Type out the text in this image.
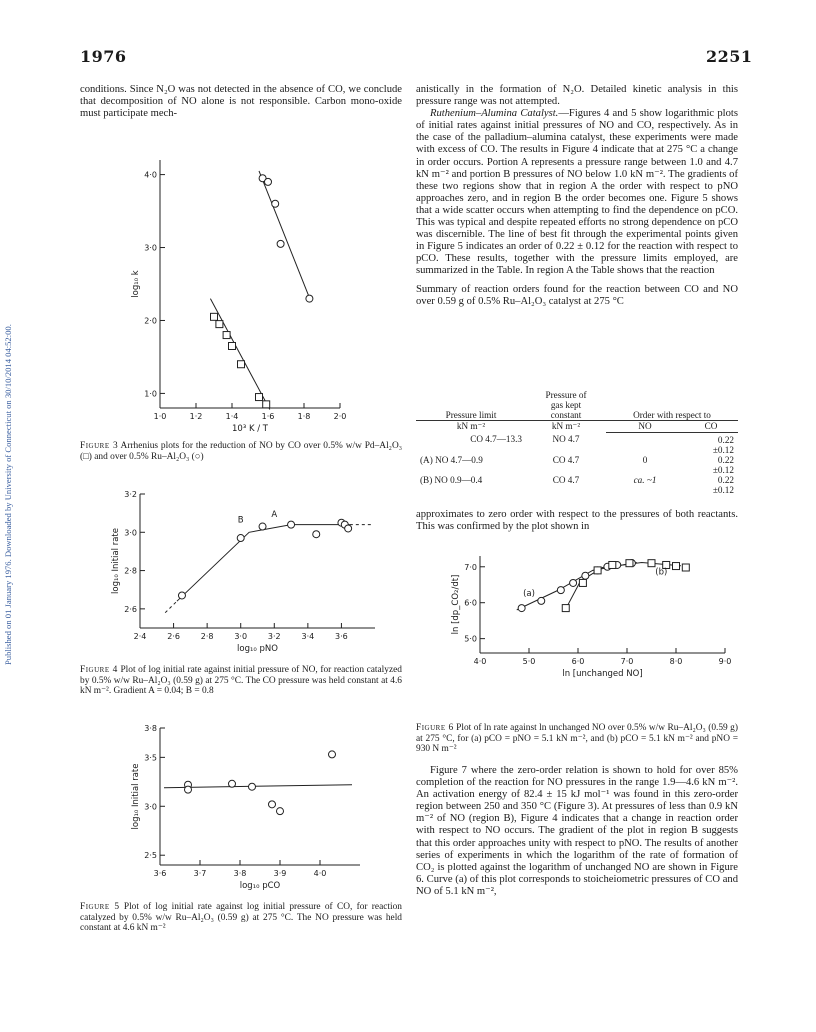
1976	2251
Published on 01 January 1976. Downloaded by University of Connecticut on 30/10/2014 04:52:00.

conditions. Since N₂O was not detected in the absence of CO, we conclude that decomposition of NO alone is not responsible. Carbon mono-oxide must participate mech-

1·0	1·2	1·4	1·6	1·8	2·0
1·0
2·0
3·0
4·0
10³ K / T
log₁₀ k
Figure 3 Arrhenius plots for the reduction of NO by CO over 0.5% w/w Pd–Al₂O₃ (□) and over 0.5% Ru–Al₂O₃ (○)
2·4	2·6	2·8	3·0	3·2	3·4	3·6
2·6
2·8
3·0
3·2
log₁₀ pNO
log₁₀ Initial rate
B
A
Figure 4 Plot of log initial rate against initial pressure of NO, for reaction catalyzed by 0.5% w/w Ru–Al₂O₃ (0.59 g) at 275 °C. The CO pressure was held constant at 4.6 kN m⁻². Gradient A = 0.04; B = 0.8
3·6	3·7	3·8	3·9	4·0
2·5
3·0
3·5
3·8
log₁₀ pCO
log₁₀ Initial rate
Figure 5 Plot of log initial rate against log initial pressure of CO, for reaction catalyzed by 0.5% w/w Ru–Al₂O₃ (0.59 g) at 275 °C. The NO pressure was held constant at 4.6 kN m⁻²

anistically in the formation of N₂O. Detailed kinetic analysis in this pressure range was not attempted.

Ruthenium–Alumina Catalyst.—Figures 4 and 5 show logarithmic plots of initial rates against initial pressures of NO and CO, respectively. As in the case of the palladium–alumina catalyst, these experiments were made with excess of CO. The results in Figure 4 indicate that at 275 °C a change in order occurs. Portion A represents a pressure range between 1.0 and 4.7 kN m⁻² and portion B pressures of NO below 1.0 kN m⁻². The gradients of these two regions show that in region A the order with respect to pNO approaches zero, and in region B the order becomes one. Figure 5 shows that a wide scatter occurs when attempting to find the dependence on pCO. This was typical and despite repeated efforts no strong dependence on pCO was discernible. The line of best fit through the experimental points given in Figure 5 indicates an order of 0.22 ± 0.12 for the reaction with respect to pCO. These results, together with the pressure limits employed, are summarized in the Table. In region A the Table shows that the reaction

Summary of reaction orders found for the reaction between CO and NO over 0.59 g of 0.5% Ru–Al₂O₃ catalyst at 275 °C

	Pressure of
gas kept		

Pressure limit	constant	Order with respect to	
kN m⁻²	kN m⁻²	NO	CO
CO 4.7—13.3	NO 4.7		0.22
±0.12

(A) NO 4.7—0.9	CO 4.7	0	0.22
±0.12

(B) NO 0.9—0.4	CO 4.7	ca. ~1	0.22
±0.12

approximates to zero order with respect to the pressures of both reactants. This was confirmed by the plot shown in

4·0	5·0	6·0	7·0	8·0	9·0
5·0
6·0
7·0
ln [unchanged NO]
ln [dp_CO₂/dt]	(a)
(b)
Figure 6 Plot of ln rate against ln unchanged NO over 0.5% w/w Ru–Al₂O₃ (0.59 g) at 275 °C, for (a) pCO = pNO = 5.1 kN m⁻², and (b) pCO = 5.1 kN m⁻² and pNO = 930 N m⁻²

Figure 7 where the zero-order relation is shown to hold for over 85% completion of the reaction for NO pressures in the range 1.9—4.6 kN m⁻². An activation energy of 82.4 ± 15 kJ mol⁻¹ was found in this zero-order region between 250 and 350 °C (Figure 3). At pressures of less than 0.9 kN m⁻² of NO (region B), Figure 4 indicates that a change in reaction order with respect to NO occurs. The gradient of the plot in region B suggests that this order approaches unity with respect to pNO. The results of another series of experiments in which the logarithm of the rate of formation of CO₂ is plotted against the logarithm of unchanged NO are shown in Figure 6. Curve (a) of this plot corresponds to stoicheiometric pressures of CO and NO of 5.1 kN m⁻²,
